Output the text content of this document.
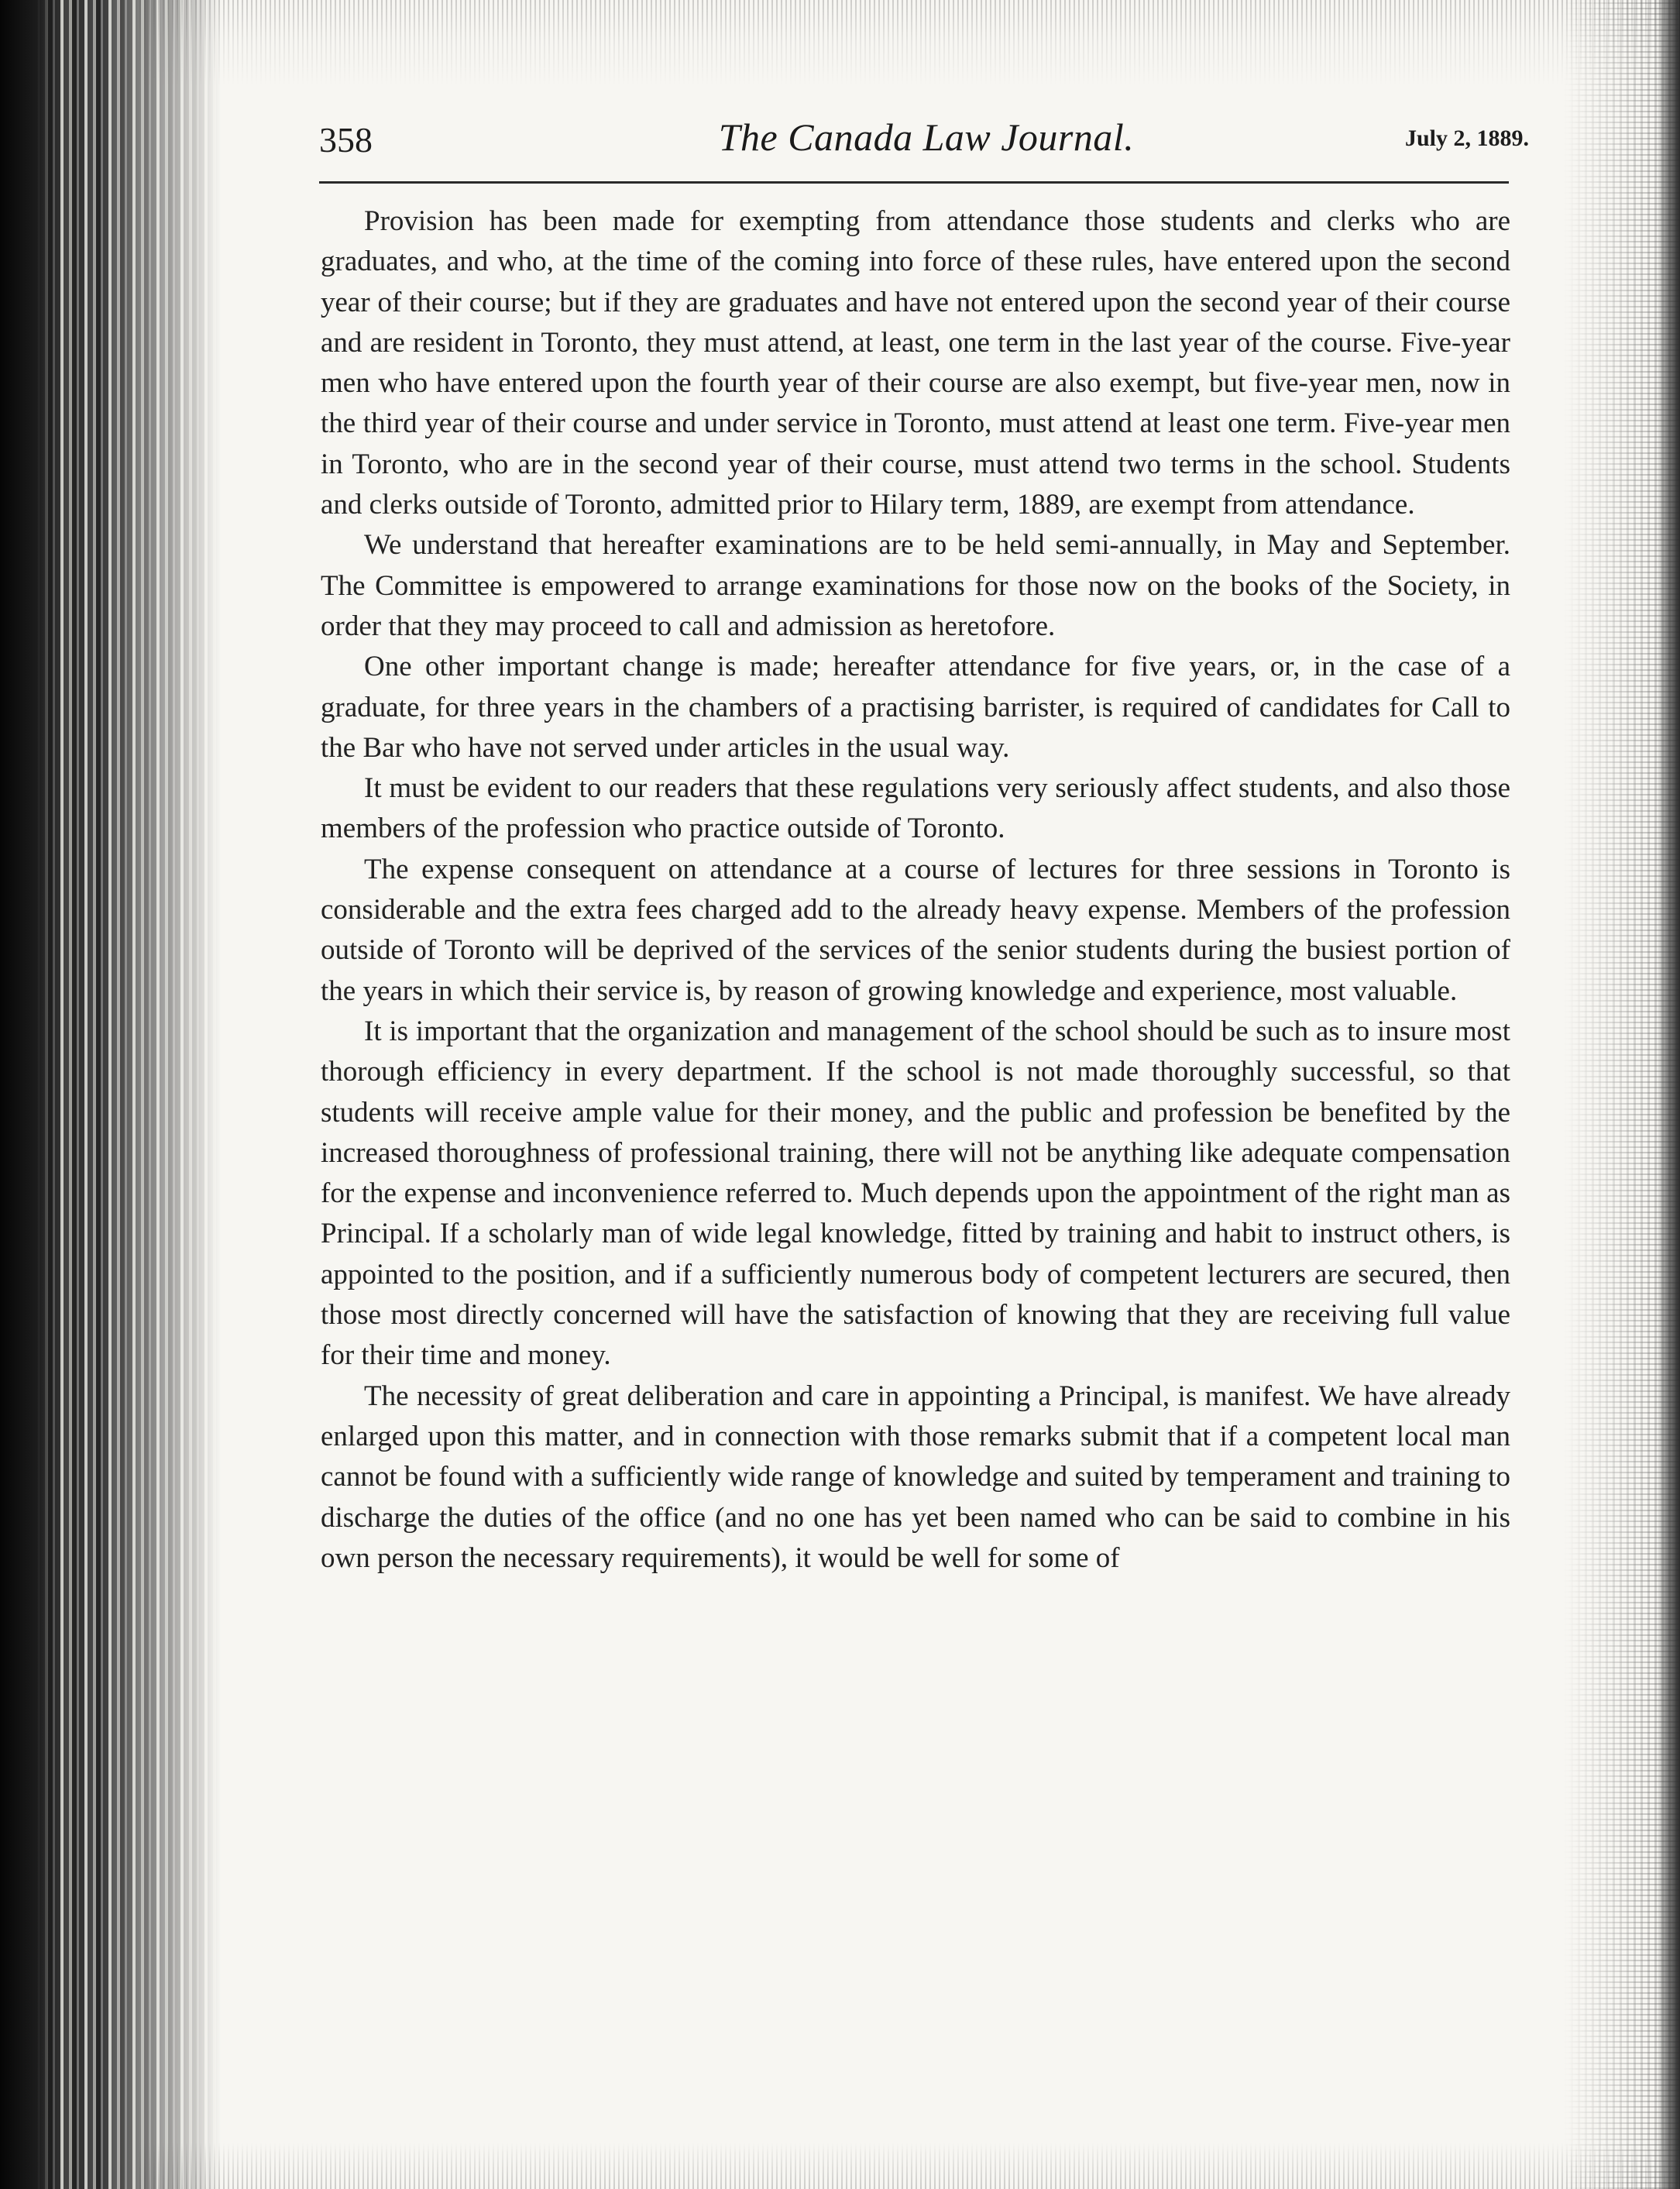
358	The Canada Law Journal.	July 2, 1889.

Provision has been made for exempting from attendance those students and clerks who are graduates, and who, at the time of the coming into force of these rules, have entered upon the second year of their course; but if they are graduates and have not entered upon the second year of their course and are resident in Toronto, they must attend, at least, one term in the last year of the course. Five-year men who have entered upon the fourth year of their course are also exempt, but five-year men, now in the third year of their course and under service in Toronto, must attend at least one term. Five-year men in Toronto, who are in the second year of their course, must attend two terms in the school. Students and clerks outside of Toronto, admitted prior to Hilary term, 1889, are exempt from attendance.

We understand that hereafter examinations are to be held semi-annually, in May and September. The Committee is empowered to arrange examinations for those now on the books of the Society, in order that they may proceed to call and admission as heretofore.

One other important change is made; hereafter attendance for five years, or, in the case of a graduate, for three years in the chambers of a practising barrister, is required of candidates for Call to the Bar who have not served under articles in the usual way.

It must be evident to our readers that these regulations very seriously affect students, and also those members of the profession who practice outside of Toronto.

The expense consequent on attendance at a course of lectures for three sessions in Toronto is considerable and the extra fees charged add to the already heavy expense. Members of the profession outside of Toronto will be deprived of the services of the senior students during the busiest portion of the years in which their service is, by reason of growing knowledge and experience, most valuable.

It is important that the organization and management of the school should be such as to insure most thorough efficiency in every department. If the school is not made thoroughly successful, so that students will receive ample value for their money, and the public and profession be benefited by the increased thoroughness of professional training, there will not be anything like adequate compensation for the expense and inconvenience referred to. Much depends upon the appointment of the right man as Principal. If a scholarly man of wide legal knowledge, fitted by training and habit to instruct others, is appointed to the position, and if a sufficiently numerous body of competent lecturers are secured, then those most directly concerned will have the satisfaction of knowing that they are receiving full value for their time and money.

The necessity of great deliberation and care in appointing a Principal, is manifest. We have already enlarged upon this matter, and in connection with those remarks submit that if a competent local man cannot be found with a sufficiently wide range of knowledge and suited by temperament and training to discharge the duties of the office (and no one has yet been named who can be said to combine in his own person the necessary requirements), it would be well for some of
